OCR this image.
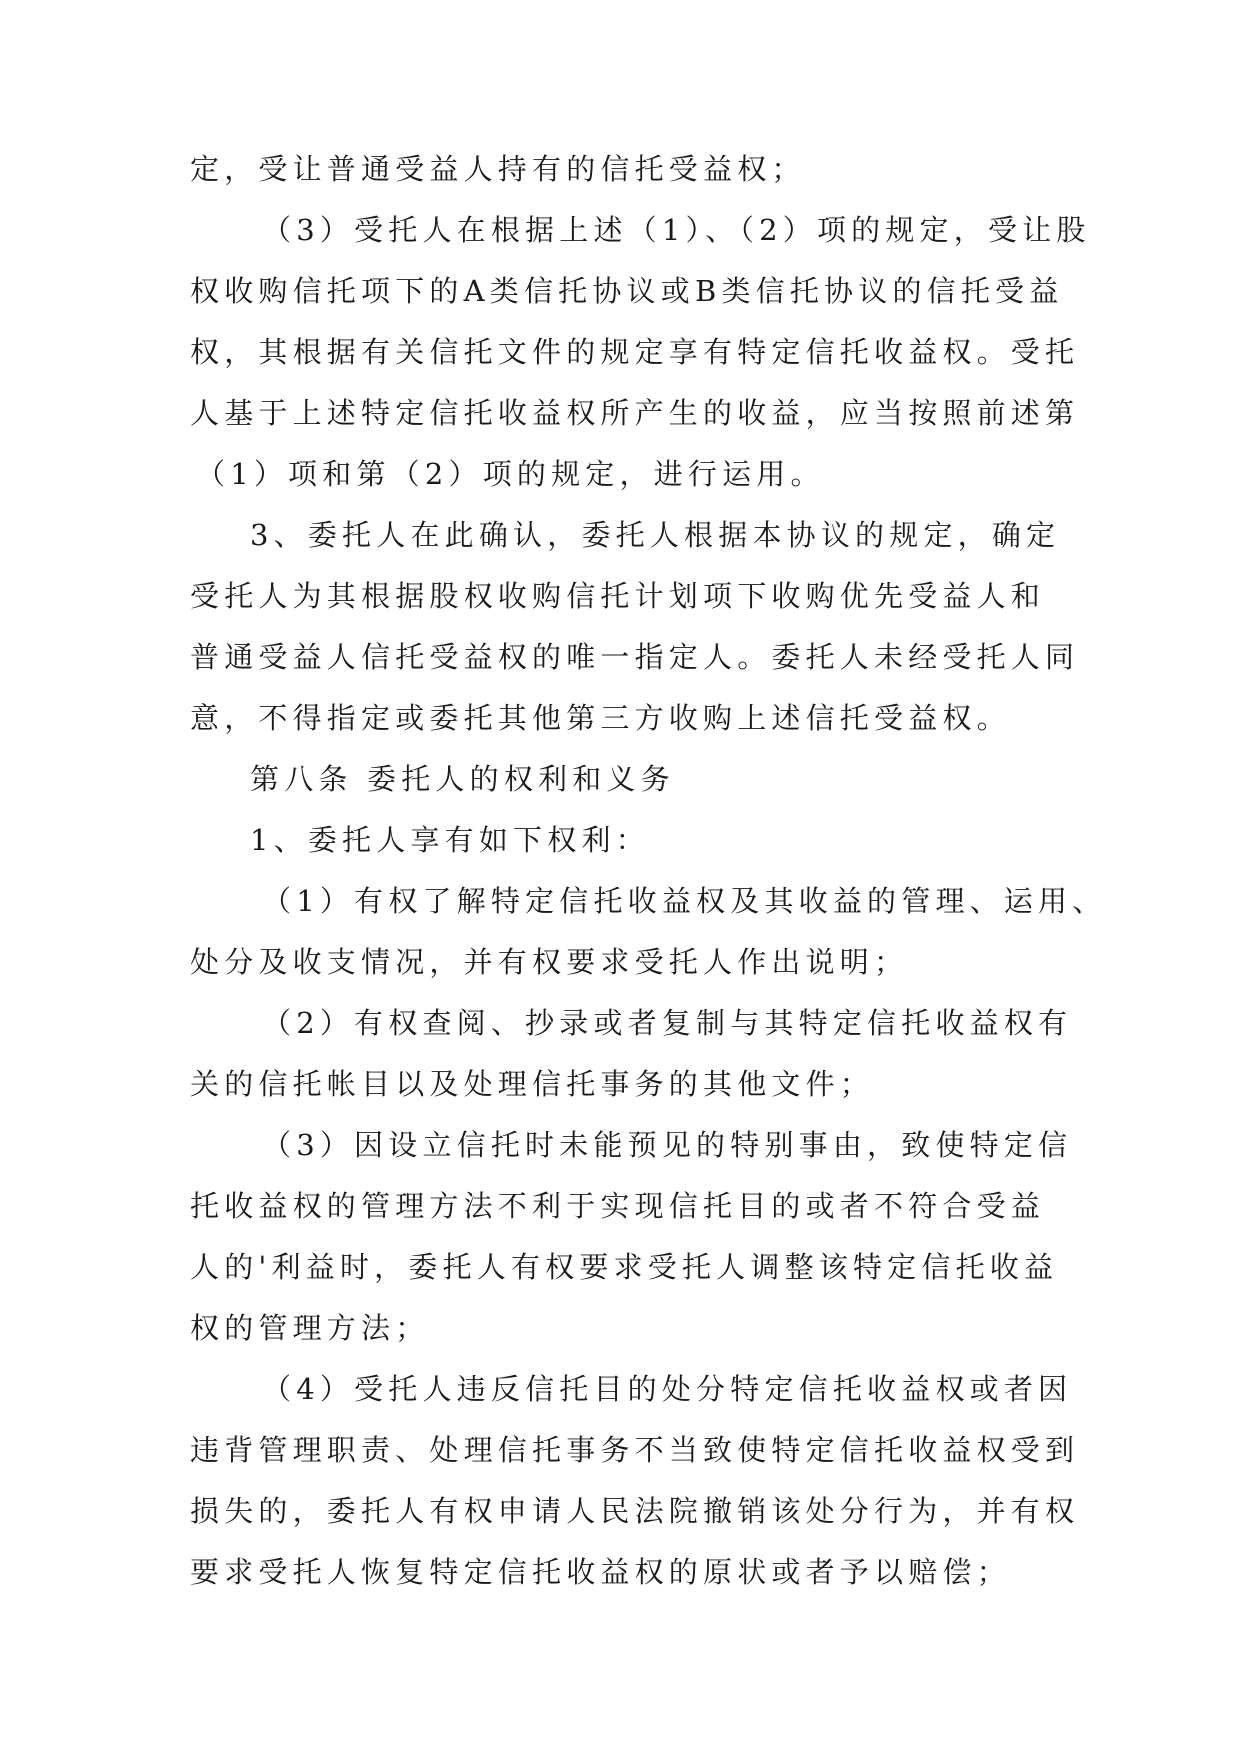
定，受让普通受益人持有的信托受益权；
（3）受托人在根据上述（1）、（2）项的规定，受让股
权收购信托项下的A类信托协议或B类信托协议的信托受益
权，其根据有关信托文件的规定享有特定信托收益权。受托
人基于上述特定信托收益权所产生的收益，应当按照前述第
（1）项和第（2）项的规定，进行运用。
3、委托人在此确认，委托人根据本协议的规定，确定
受托人为其根据股权收购信托计划项下收购优先受益人和
普通受益人信托受益权的唯一指定人。委托人未经受托人同
意，不得指定或委托其他第三方收购上述信托受益权。
第八条 委托人的权利和义务
1、委托人享有如下权利：
（1）有权了解特定信托收益权及其收益的管理、运用、
处分及收支情况，并有权要求受托人作出说明；
（2）有权查阅、抄录或者复制与其特定信托收益权有
关的信托帐目以及处理信托事务的其他文件；
（3）因设立信托时未能预见的特别事由，致使特定信
托收益权的管理方法不利于实现信托目的或者不符合受益
人的'利益时，委托人有权要求受托人调整该特定信托收益
权的管理方法；
（4）受托人违反信托目的处分特定信托收益权或者因
违背管理职责、处理信托事务不当致使特定信托收益权受到
损失的，委托人有权申请人民法院撤销该处分行为，并有权
要求受托人恢复特定信托收益权的原状或者予以赔偿；
